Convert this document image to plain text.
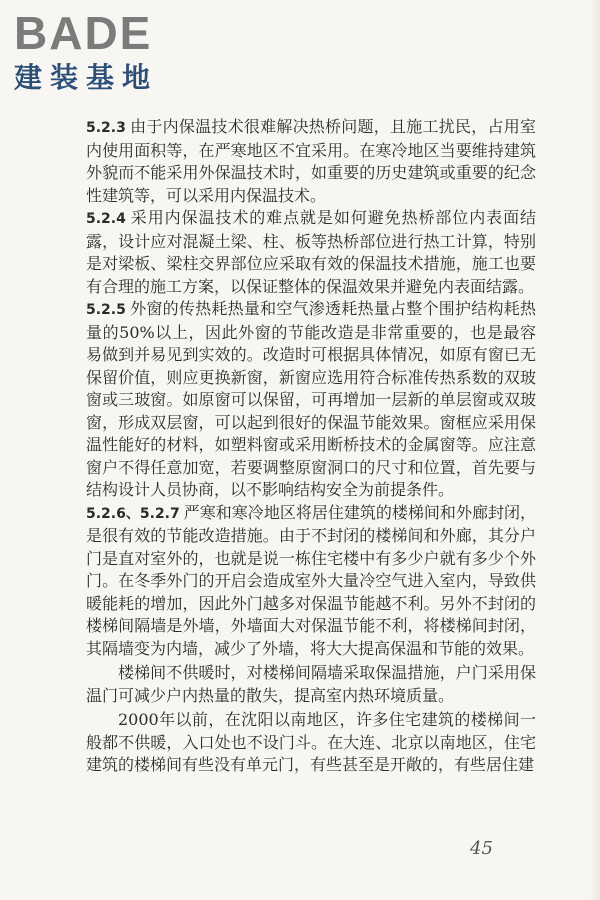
BADE
建装基地

5.2.3 由于内保温技术很难解决热桥问题，且施工扰民，占用室内使用面积等，在严寒地区不宜采用。在寒冷地区当要维持建筑外貌而不能采用外保温技术时，如重要的历史建筑或重要的纪念性建筑等，可以采用内保温技术。

5.2.4 采用内保温技术的难点就是如何避免热桥部位内表面结露，设计应对混凝土梁、柱、板等热桥部位进行热工计算，特别是对梁板、梁柱交界部位应采取有效的保温技术措施，施工也要有合理的施工方案，以保证整体的保温效果并避免内表面结露。

5.2.5 外窗的传热耗热量和空气渗透耗热量占整个围护结构耗热量的50%以上，因此外窗的节能改造是非常重要的，也是最容易做到并易见到实效的。改造时可根据具体情况，如原有窗已无保留价值，则应更换新窗，新窗应选用符合标准传热系数的双玻窗或三玻窗。如原窗可以保留，可再增加一层新的单层窗或双玻窗，形成双层窗，可以起到很好的保温节能效果。窗框应采用保温性能好的材料，如塑料窗或采用断桥技术的金属窗等。应注意窗户不得任意加宽，若要调整原窗洞口的尺寸和位置，首先要与结构设计人员协商，以不影响结构安全为前提条件。

5.2.6、5.2.7 严寒和寒冷地区将居住建筑的楼梯间和外廊封闭，是很有效的节能改造措施。由于不封闭的楼梯间和外廊，其分户门是直对室外的，也就是说一栋住宅楼中有多少户就有多少个外门。在冬季外门的开启会造成室外大量冷空气进入室内，导致供暖能耗的增加，因此外门越多对保温节能越不利。另外不封闭的楼梯间隔墙是外墙，外墙面大对保温节能不利，将楼梯间封闭，其隔墙变为内墙，减少了外墙，将大大提高保温和节能的效果。

楼梯间不供暖时，对楼梯间隔墙采取保温措施，户门采用保温门可减少户内热量的散失，提高室内热环境质量。

2000年以前，在沈阳以南地区，许多住宅建筑的楼梯间一般都不供暖，入口处也不设门斗。在大连、北京以南地区，住宅建筑的楼梯间有些没有单元门，有些甚至是开敞的，有些居住建

45
